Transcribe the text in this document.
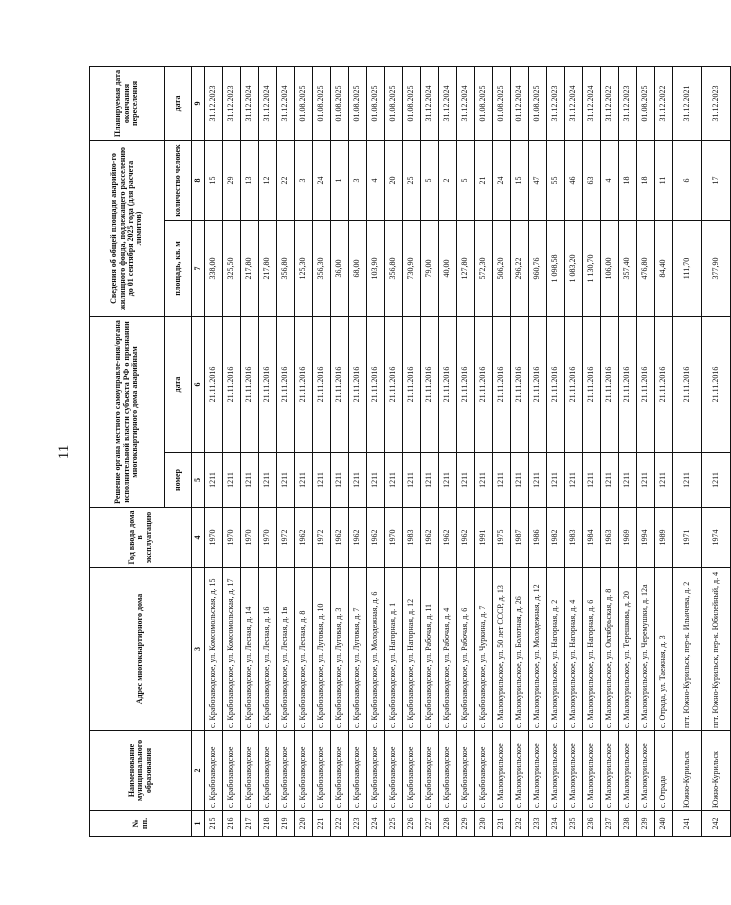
11
№ пп.	Наименование муниципального образования	Адрес многоквартирного дома	Год ввода дома в эксплуатацию	Решение органа местного самоуправле-ния/органа исполнительной власти субъекта РФ о признании многоквартирного дома аварийным		Сведения об общей площади аварийно-го жилищного фонда, подлежащего расселению до 01 сентября 2025 года (для расчета лимитов)		Планируемая дата окончания переселения
				номер	дата	площадь, кв. м	количество человек	дата
1	2	3	4	5	6	7	8	9
215	с. Крабозаводское	с. Крабозаводское, ул. Комсомольская, д. 15	1970	1211	21.11.2016	338,00	15	31.12.2023
216	с. Крабозаводское	с. Крабозаводское, ул. Комсомольская, д. 17	1970	1211	21.11.2016	325,50	29	31.12.2023
217	с. Крабозаводское	с. Крабозаводское, ул. Лесная, д. 14	1970	1211	21.11.2016	217,80	13	31.12.2024
218	с. Крабозаводское	с. Крабозаводское, ул. Лесная, д. 16	1970	1211	21.11.2016	217,80	12	31.12.2024
219	с. Крабозаводское	с. Крабозаводское, ул. Лесная, д. 1в	1972	1211	21.11.2016	356,80	22	31.12.2024
220	с. Крабозаводское	с. Крабозаводское, ул. Лесная, д. 8	1962	1211	21.11.2016	125,30	3	01.08.2025
221	с. Крабозаводское	с. Крабозаводское, ул. Луговая, д. 10	1972	1211	21.11.2016	356,30	24	01.08.2025
222	с. Крабозаводское	с. Крабозаводское, ул. Луговая, д. 3	1962	1211	21.11.2016	36,00	1	01.08.2025
223	с. Крабозаводское	с. Крабозаводское, ул. Луговая, д. 7	1962	1211	21.11.2016	68,00	3	01.08.2025
224	с. Крабозаводское	с. Крабозаводское, ул. Молодежная, д. 6	1962	1211	21.11.2016	103,90	4	01.08.2025
225	с. Крабозаводское	с. Крабозаводское, ул. Нагорная, д. 1	1970	1211	21.11.2016	356,80	20	01.08.2025
226	с. Крабозаводское	с. Крабозаводское, ул. Нагорная, д. 12	1983	1211	21.11.2016	730,90	25	01.08.2025
227	с. Крабозаводское	с. Крабозаводское, ул. Рабочая, д. 11	1962	1211	21.11.2016	79,00	5	31.12.2024
228	с. Крабозаводское	с. Крабозаводское, ул. Рабочая, д. 4	1962	1211	21.11.2016	40,00	2	31.12.2024
229	с. Крабозаводское	с. Крабозаводское, ул. Рабочая, д. 6	1962	1211	21.11.2016	127,80	5	31.12.2024
230	с. Крабозаводское	с. Крабозаводское, ул. Чуркина, д. 7	1991	1211	21.11.2016	572,30	21	01.08.2025
231	с. Малокурильское	с. Малокурильское, ул. 50 лет СССР, д. 13	1975	1211	21.11.2016	506,20	24	01.08.2025
232	с. Малокурильское	с. Малокурильское, ул. Болотная, д. 26	1987	1211	21.11.2016	296,22	15	01.12.2024
233	с. Малокурильское	с. Малокурильское, ул. Молодежная, д. 12	1986	1211	21.11.2016	960,76	47	01.08.2025
234	с. Малокурильское	с. Малокурильское, ул. Нагорная, д. 2	1982	1211	21.11.2016	1 098,58	55	31.12.2023
235	с. Малокурильское	с. Малокурильское, ул. Нагорная, д. 4	1983	1211	21.11.2016	1 083,20	46	31.12.2024
236	с. Малокурильское	с. Малокурильское, ул. Нагорная, д. 6	1984	1211	21.11.2016	1 130,70	63	31.12.2024
237	с. Малокурильское	с. Малокурильское, ул. Октябрьская, д. 8	1963	1211	21.11.2016	106,00	4	31.12.2022
238	с. Малокурильское	с. Малокурильское, ул. Терешкова, д. 20	1969	1211	21.11.2016	357,40	18	31.12.2023
239	с. Малокурильское	с. Малокурильское, ул. Черемушки, д. 12а	1994	1211	21.11.2016	476,80	18	01.08.2025
240	с. Отрада	с. Отрада, ул. Таежная, д. 3	1989	1211	21.11.2016	84,40	11	31.12.2022
241	Южно-Курильск	пгт. Южно-Курильск, пер-к. Ильичева, д. 2	1971	1211	21.11.2016	111,70	6	31.12.2021
242	Южно-Курильск	пгт. Южно-Курильск, пер-к. Юбилейный, д. 4	1974	1211	21.11.2016	377,90	17	31.12.2023
